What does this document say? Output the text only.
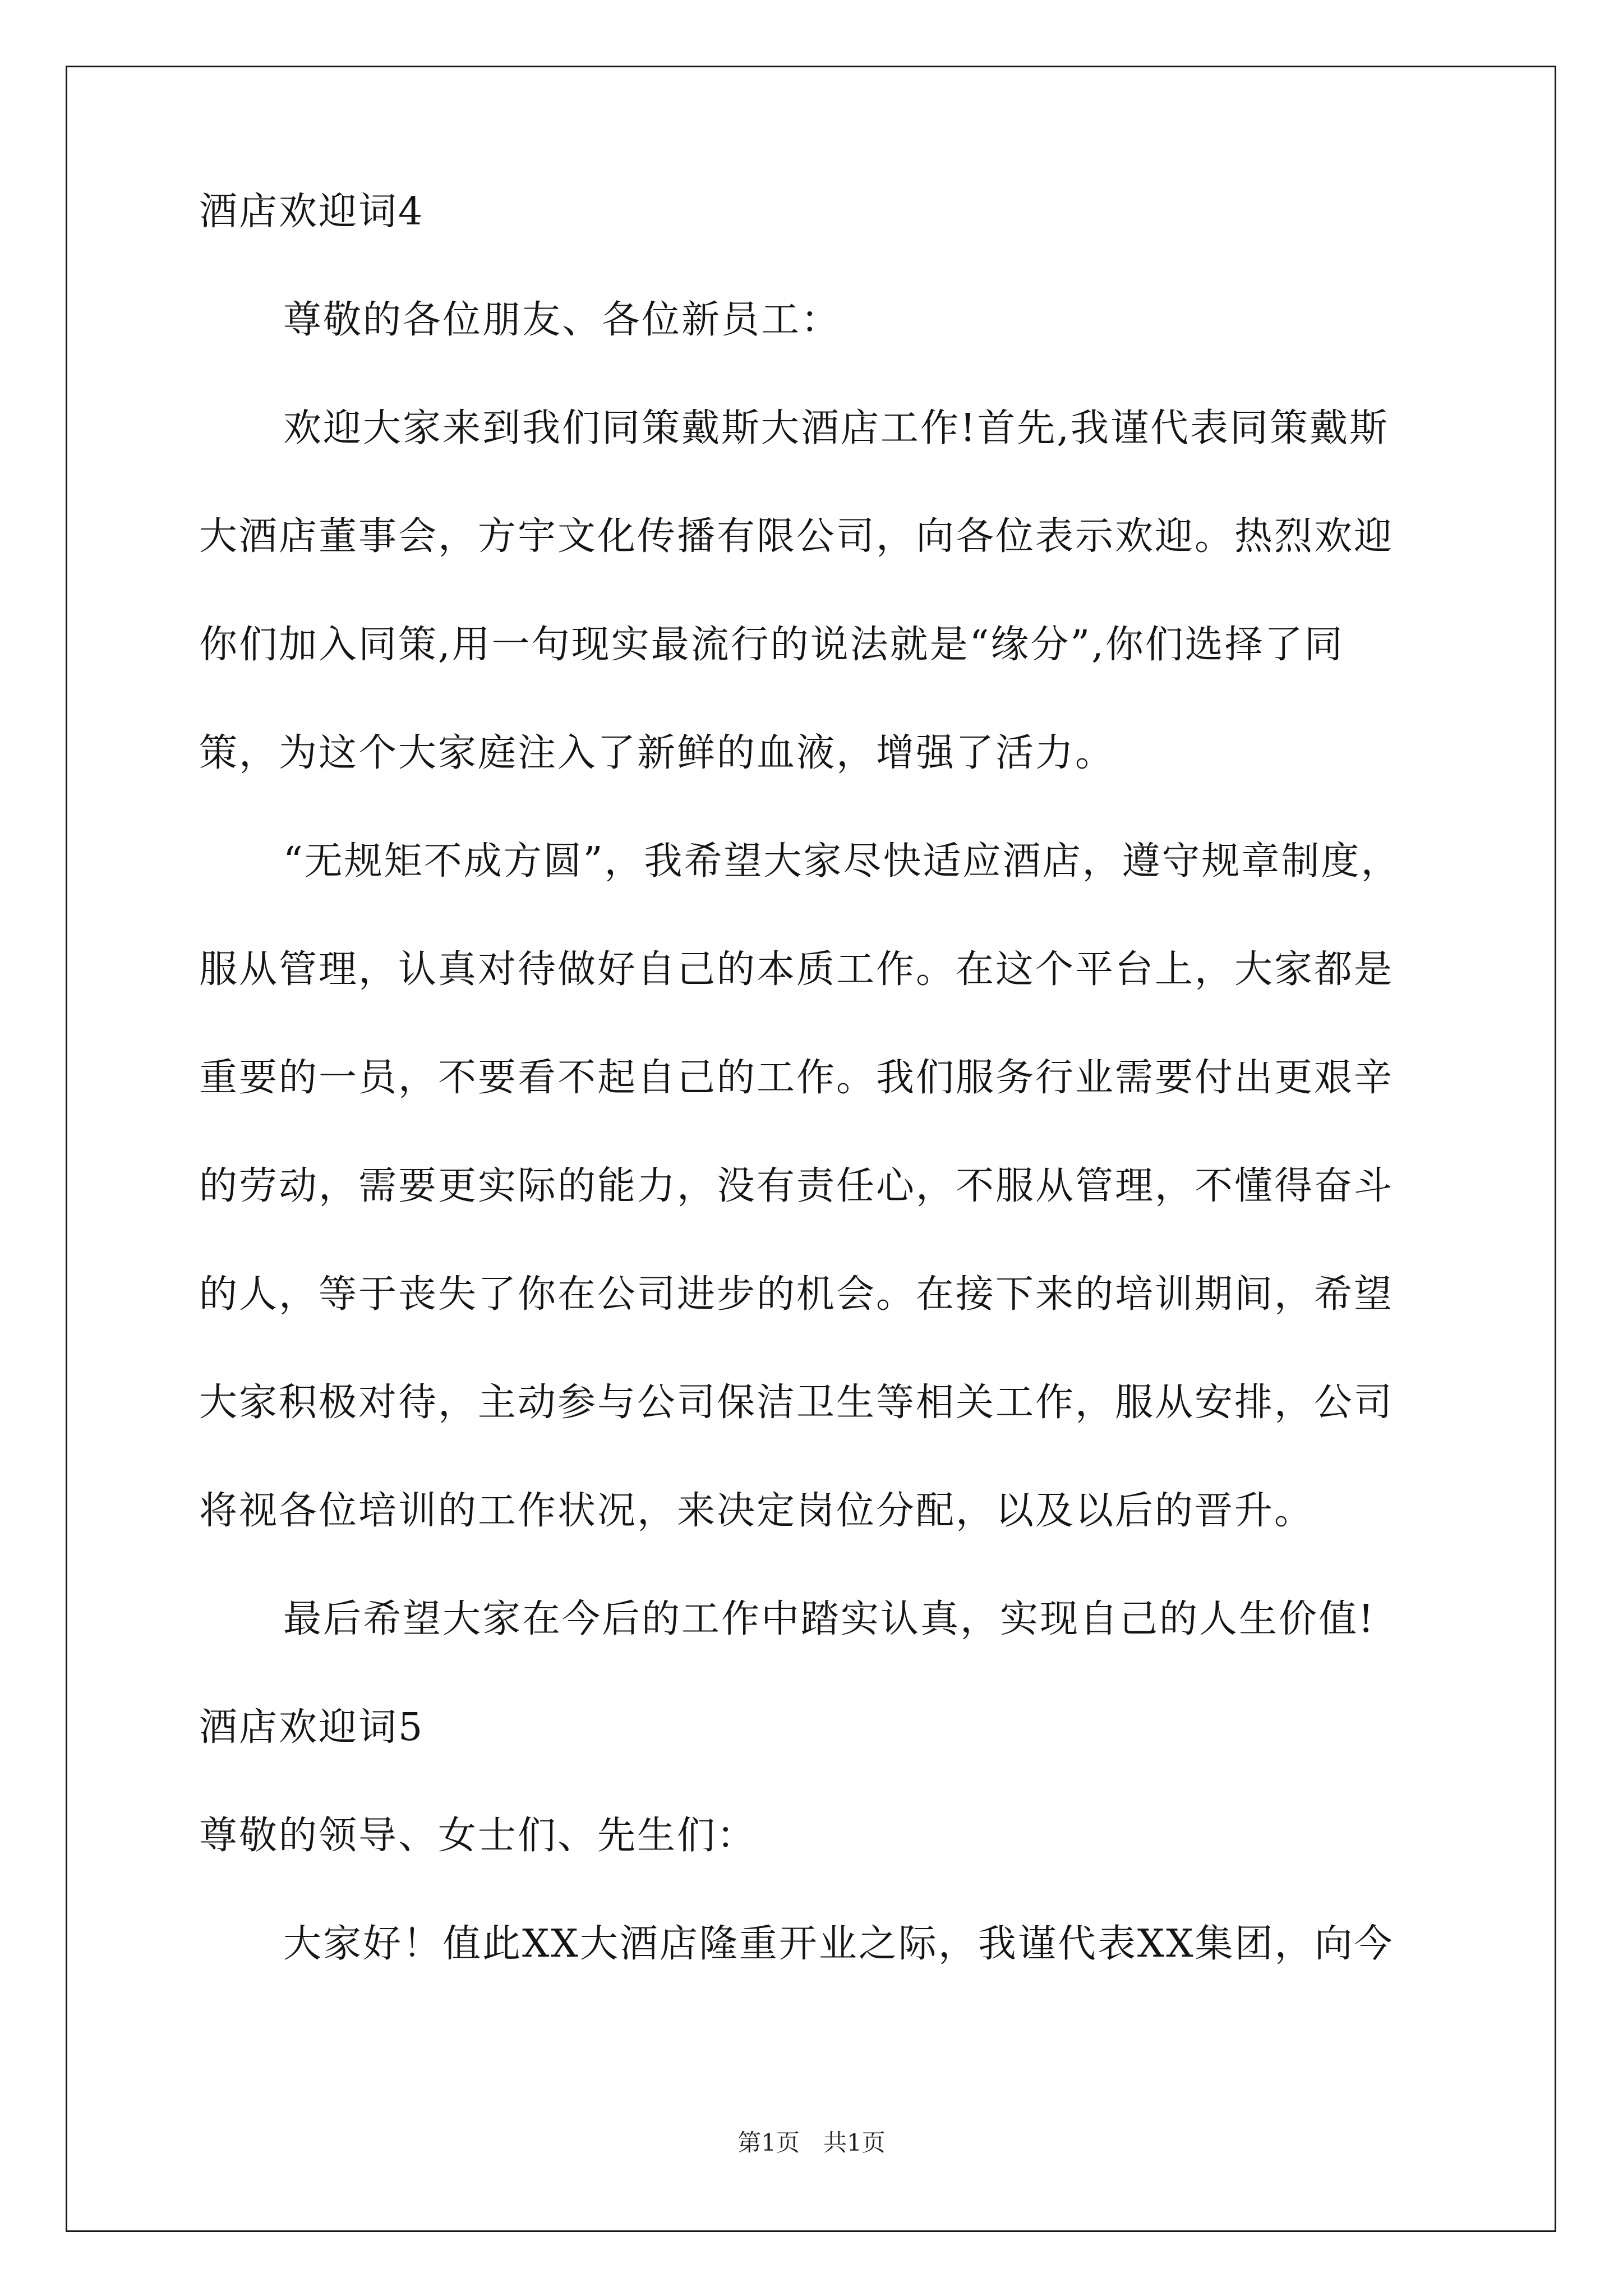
酒店欢迎词4
尊敬的各位朋友、各位新员工：
欢迎大家来到我们同策戴斯大酒店工作!首先,我谨代表同策戴斯
大酒店董事会，方宇文化传播有限公司，向各位表示欢迎。热烈欢迎
你们加入同策,用一句现实最流行的说法就是“缘分”,你们选择了同
策，为这个大家庭注入了新鲜的血液，增强了活力。
“无规矩不成方圆”，我希望大家尽快适应酒店，遵守规章制度，
服从管理，认真对待做好自己的本质工作。在这个平台上，大家都是
重要的一员，不要看不起自己的工作。我们服务行业需要付出更艰辛
的劳动，需要更实际的能力，没有责任心，不服从管理，不懂得奋斗
的人，等于丧失了你在公司进步的机会。在接下来的培训期间，希望
大家积极对待，主动参与公司保洁卫生等相关工作，服从安排，公司
将视各位培训的工作状况，来决定岗位分配，以及以后的晋升。
最后希望大家在今后的工作中踏实认真，实现自己的人生价值!
酒店欢迎词5
尊敬的领导、女士们、先生们：
大家好！值此XX大酒店隆重开业之际，我谨代表XX集团，向今
第1页　共1页
